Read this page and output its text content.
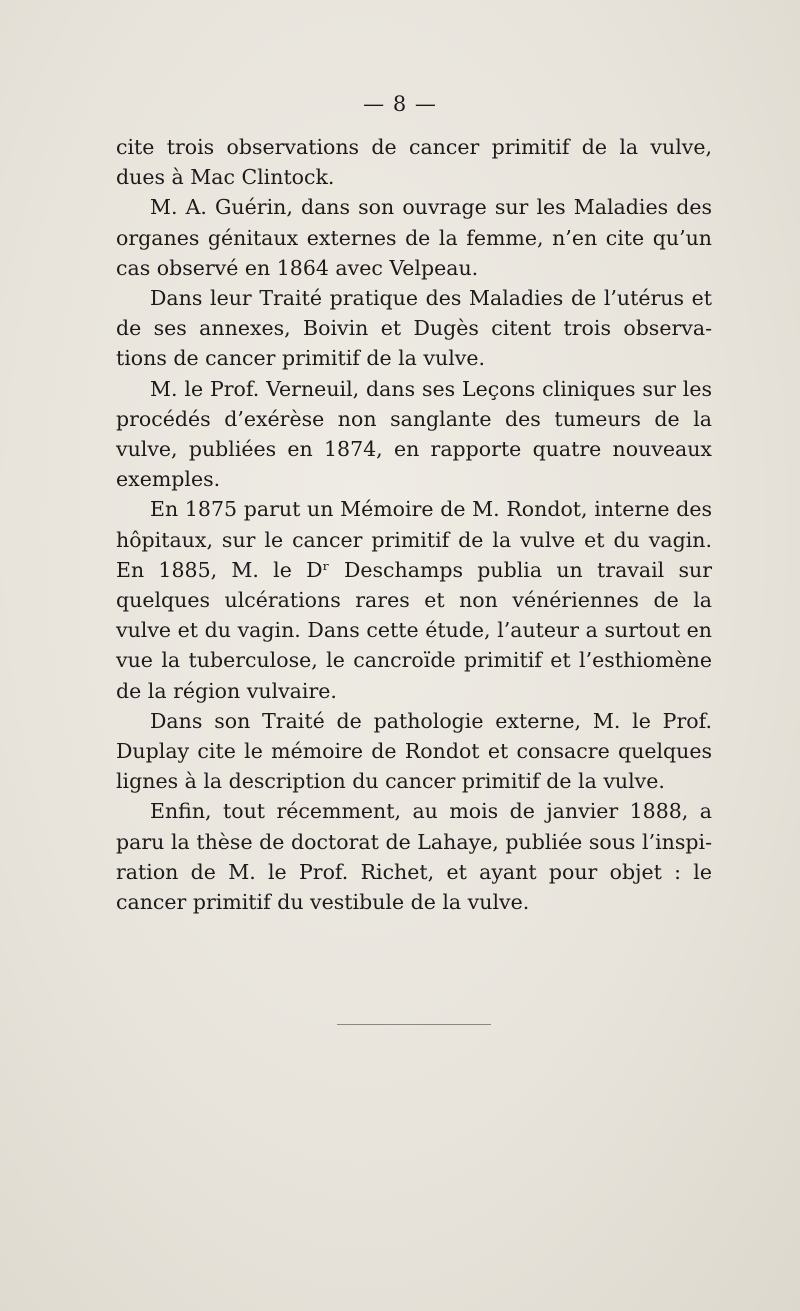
— 8 —

cite trois observations de cancer primitif de la vulve, dues à Mac Clintock.

M. A. Guérin, dans son ouvrage sur les Maladies des organes génitaux externes de la femme, n’en cite qu’un cas observé en 1864 avec Velpeau.

Dans leur Traité pratique des Maladies de l’utérus et de ses annexes, Boivin et Dugès citent trois observa-tions de cancer primitif de la vulve.

M. le Prof. Verneuil, dans ses Leçons cliniques sur les procédés d’exérèse non sanglante des tumeurs de la vulve, publiées en 1874, en rapporte quatre nouveaux exemples.

En 1875 parut un Mémoire de M. Rondot, interne des hôpitaux, sur le cancer primitif de la vulve et du vagin. En 1885, M. le Dʳ Deschamps publia un travail sur quelques ulcérations rares et non vénériennes de la vulve et du vagin. Dans cette étude, l’auteur a surtout en vue la tuberculose, le cancroïde primitif et l’esthiomène de la région vulvaire.

Dans son Traité de pathologie externe, M. le Prof. Duplay cite le mémoire de Rondot et consacre quelques lignes à la description du cancer primitif de la vulve.

Enfin, tout récemment, au mois de janvier 1888, a paru la thèse de doctorat de Lahaye, publiée sous l’inspi-ration de M. le Prof. Richet, et ayant pour objet : le cancer primitif du vestibule de la vulve.
